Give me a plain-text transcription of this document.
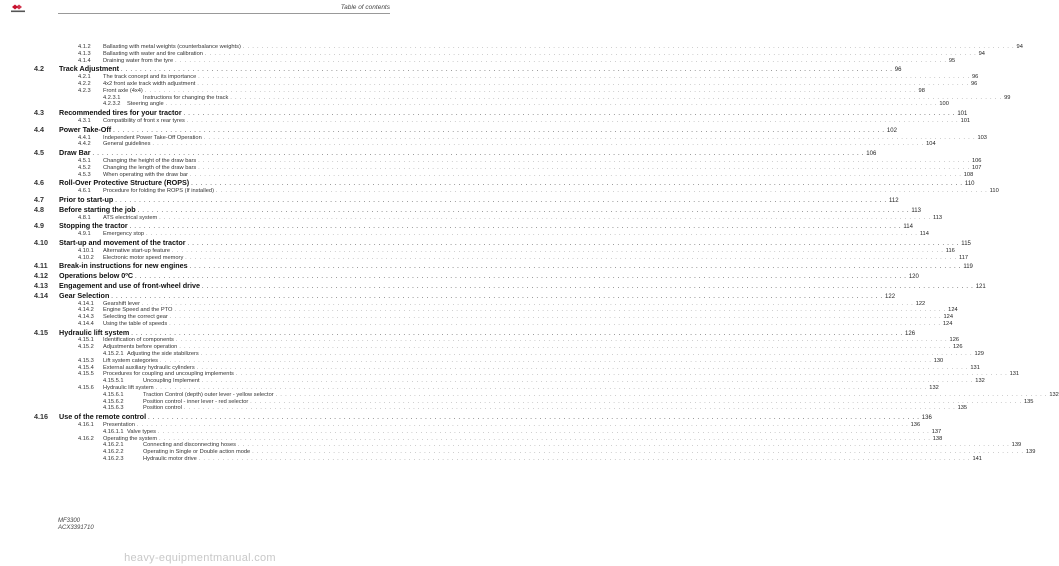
Table of contents
4.1.2	Ballasting with metal weights (counterbalance weights) . . .	94
4.1.3	Ballasting with water and tire calibration . . .	94
4.1.4	Draining water from the tyre . . .	95
4.2	Track Adjustment . . .	96
4.2.1	The track concept and its importance . . .	96
4.2.2	4x2 front axle track width adjustment . . .	96
4.2.3	Front axle (4x4) . . .	98
4.2.3.1	Instructions for changing the track . . .	99
4.2.3.2	Steering angle . . .	100
4.3	Recommended tires for your tractor . . .	101
4.3.1	Compatibility of front x rear tyres . . .	101
4.4	Power Take-Off . . .	102
4.4.1	Independent Power Take-Off Operation . . .	103
4.4.2	General guidelines . . .	104
4.5	Draw Bar . . .	106
4.5.1	Changing the height of the draw bars . . .	106
4.5.2	Changing the length of the draw bars . . .	107
4.5.3	When operating with the draw bar . . .	108
4.6	Roll-Over Protective Structure (ROPS) . . .	110
4.6.1	Procedure for folding the ROPS (If installed) . . .	110
4.7	Prior to start-up . . .	112
4.8	Before starting the job . . .	113
4.8.1	ATS electrical system . . .	113
4.9	Stopping the tractor . . .	114
4.9.1	Emergency stop . . .	114
4.10	Start-up and movement of the tractor . . .	115
4.10.1	Alternative start-up feature . . .	116
4.10.2	Electronic motor speed memory . . .	117
4.11	Break-in instructions for new engines . . .	119
4.12	Operations below 0ºC . . .	120
4.13	Engagement and use of front-wheel drive . . .	121
4.14	Gear Selection . . .	122
4.14.1	Gearshift lever . . .	122
4.14.2	Engine Speed and the PTO . . .	124
4.14.3	Selecting the correct gear . . .	124
4.14.4	Using the table of speeds . . .	124
4.15	Hydraulic lift system . . .	126
4.15.1	Identification of components . . .	126
4.15.2	Adjustments before operation . . .	126
4.15.2.1 Adjusting the side stabilizers . . .	129
4.15.3	Lift system categories . . .	130
4.15.4	External auxiliary hydraulic cylinders . . .	131
4.15.5	Procedures for coupling and uncoupling implements . . .	131
4.15.5.1	Uncoupling Implement . . .	132
4.15.6	Hydraulic lift system . . .	132
4.15.6.1	Traction Control (depth) outer lever - yellow selector . . .	132
4.15.6.2	Position control - inner lever - red selector . . .	135
4.15.6.3	Position control . . .	135
4.16	Use of the remote control . . .	136
4.16.1	Presentation . . .	136
4.16.1.1 Valve types . . .	137
4.16.2	Operating the system . . .	138
4.16.2.1	Connecting and disconnecting hoses . . .	139
4.16.2.2	Operating in Single or Double action mode . . .	139
4.16.2.3	Hydraulic motor drive . . .	141
MF3300
ACX3391710
heavy-equipmentmanual.com
